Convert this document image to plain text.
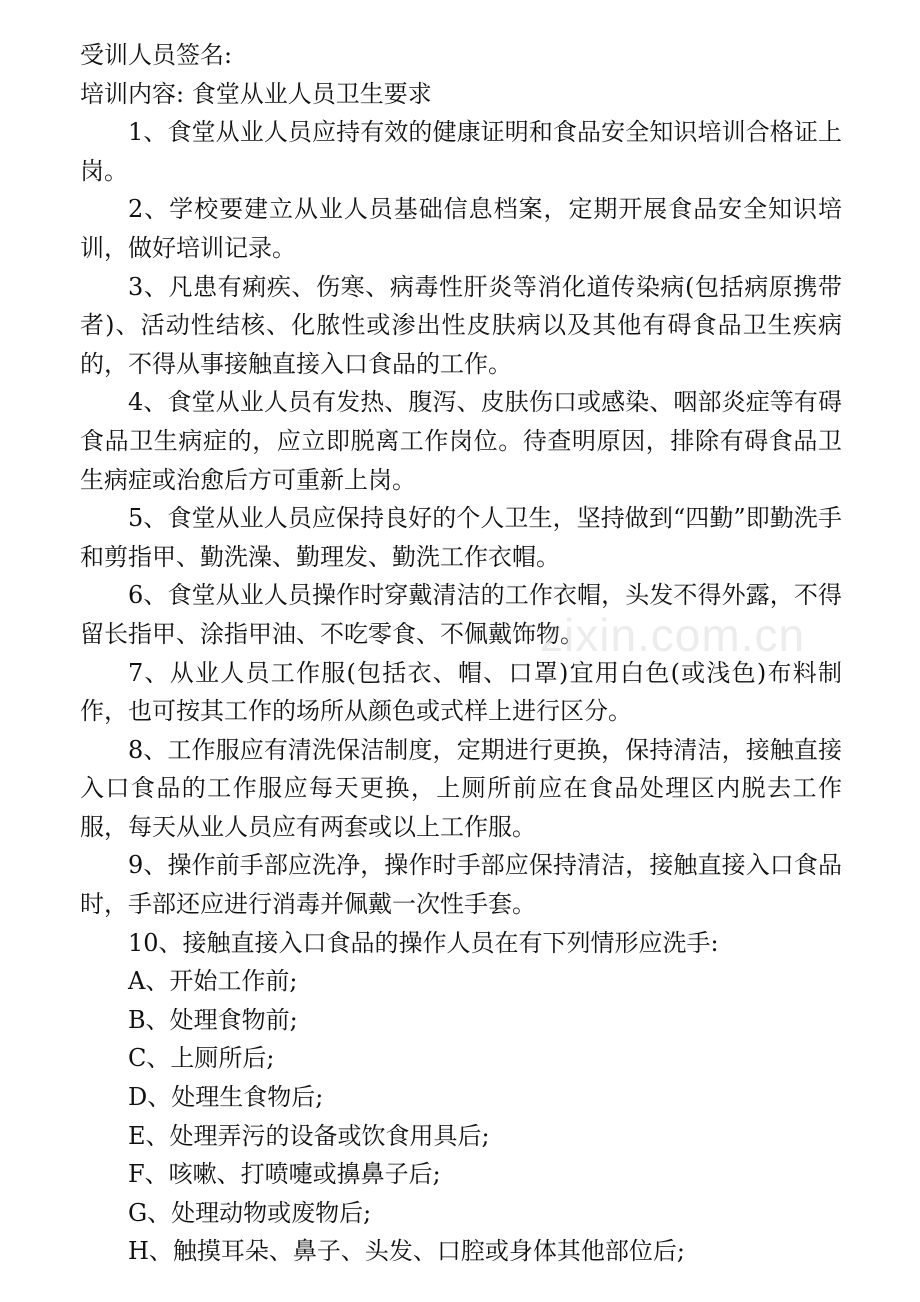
受训人员签名:

培训内容: 食堂从业人员卫生要求

1、食堂从业人员应持有效的健康证明和食品安全知识培训合格证上岗。

2、学校要建立从业人员基础信息档案，定期开展食品安全知识培训，做好培训记录。

3、凡患有痢疾、伤寒、病毒性肝炎等消化道传染病(包括病原携带者)、活动性结核、化脓性或渗出性皮肤病以及其他有碍食品卫生疾病的，不得从事接触直接入口食品的工作。

4、食堂从业人员有发热、腹泻、皮肤伤口或感染、咽部炎症等有碍食品卫生病症的，应立即脱离工作岗位。待查明原因，排除有碍食品卫生病症或治愈后方可重新上岗。

5、食堂从业人员应保持良好的个人卫生，坚持做到“四勤”即勤洗手和剪指甲、勤洗澡、勤理发、勤洗工作衣帽。

6、食堂从业人员操作时穿戴清洁的工作衣帽，头发不得外露，不得留长指甲、涂指甲油、不吃零食、不佩戴饰物。

7、从业人员工作服(包括衣、帽、口罩)宜用白色(或浅色)布料制作，也可按其工作的场所从颜色或式样上进行区分。

8、工作服应有清洗保洁制度，定期进行更换，保持清洁，接触直接入口食品的工作服应每天更换，上厕所前应在食品处理区内脱去工作服，每天从业人员应有两套或以上工作服。

9、操作前手部应洗净，操作时手部应保持清洁，接触直接入口食品时，手部还应进行消毒并佩戴一次性手套。

10、接触直接入口食品的操作人员在有下列情形应洗手:

A、开始工作前;

B、处理食物前;

C、上厕所后;

D、处理生食物后;

E、处理弄污的设备或饮食用具后;

F、咳嗽、打喷嚏或擤鼻子后;

G、处理动物或废物后;

H、触摸耳朵、鼻子、头发、口腔或身体其他部位后;

zixin.com.cn
